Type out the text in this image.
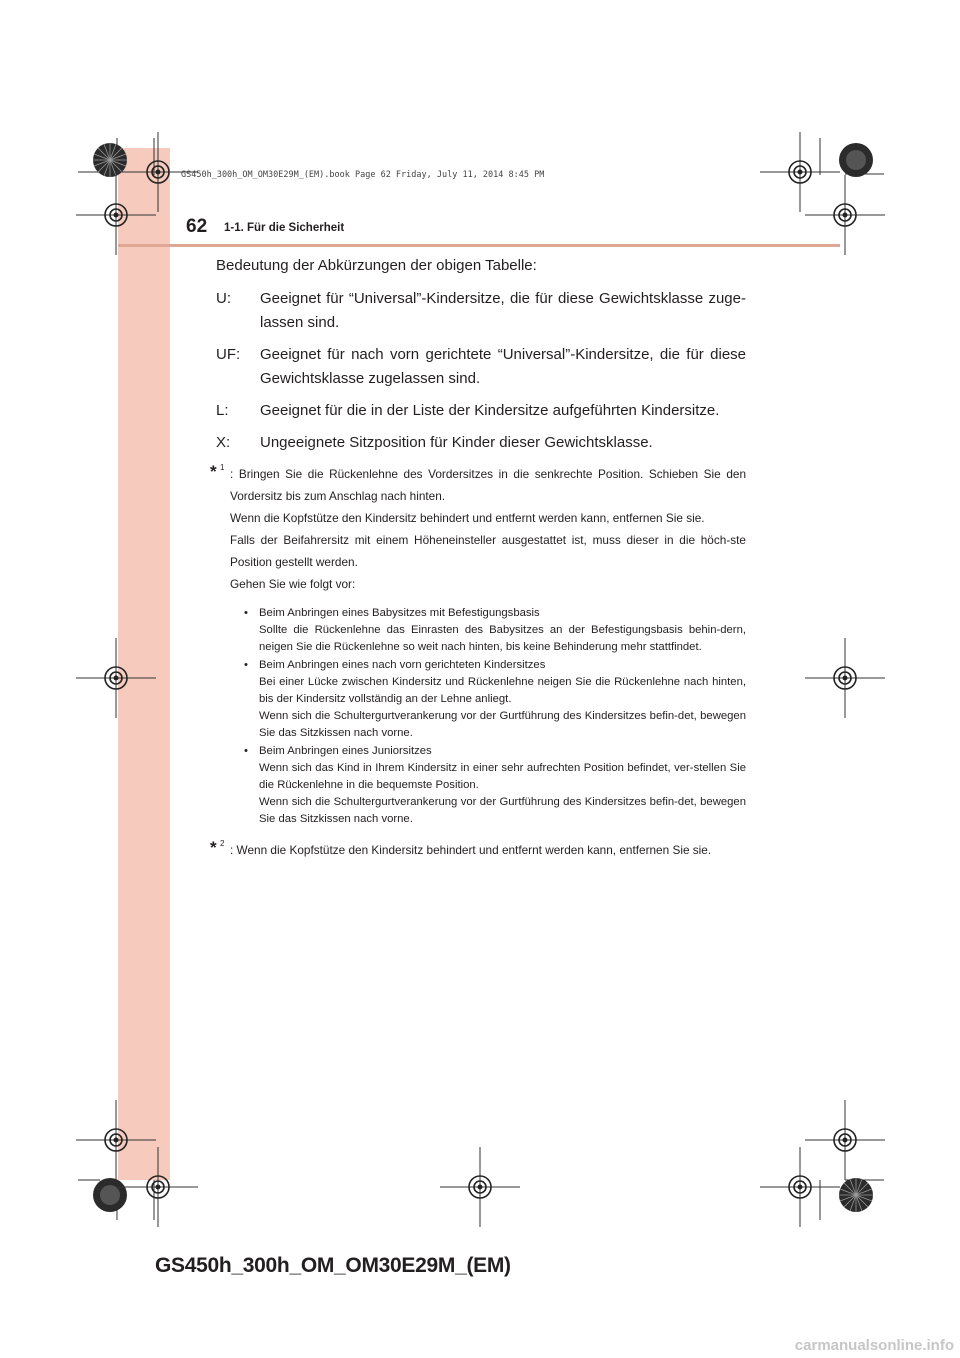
GS450h_300h_OM_OM30E29M_(EM).book Page 62 Friday, July 11, 2014 8:45 PM
62 1-1. Für die Sicherheit

Bedeutung der Abkürzungen der obigen Tabelle:

U:	Geeignet für “Universal”-Kindersitze, die für diese Gewichtsklasse zuge-lassen sind.
UF:	Geeignet für nach vorn gerichtete “Universal”-Kindersitze, die für diese Gewichtsklasse zugelassen sind.
L:	Geeignet für die in der Liste der Kindersitze aufgeführten Kindersitze.
X:	Ungeeignete Sitzposition für Kinder dieser Gewichtsklasse.
* 1 : Bringen Sie die Rückenlehne des Vordersitzes in die senkrechte Position. Schieben Sie den Vordersitz bis zum Anschlag nach hinten.

Wenn die Kopfstütze den Kindersitz behindert und entfernt werden kann, entfernen Sie sie.

Falls der Beifahrersitz mit einem Höheneinsteller ausgestattet ist, muss dieser in die höch-ste Position gestellt werden.

Gehen Sie wie folgt vor:

• Beim Anbringen eines Babysitzes mit Befestigungsbasis

Sollte die Rückenlehne das Einrasten des Babysitzes an der Befestigungsbasis behin-dern, neigen Sie die Rückenlehne so weit nach hinten, bis keine Behinderung mehr stattfindet.

• Beim Anbringen eines nach vorn gerichteten Kindersitzes

Bei einer Lücke zwischen Kindersitz und Rückenlehne neigen Sie die Rückenlehne nach hinten, bis der Kindersitz vollständig an der Lehne anliegt.

Wenn sich die Schultergurtverankerung vor der Gurtführung des Kindersitzes befin-det, bewegen Sie das Sitzkissen nach vorne.

• Beim Anbringen eines Juniorsitzes

Wenn sich das Kind in Ihrem Kindersitz in einer sehr aufrechten Position befindet, ver-stellen Sie die Rückenlehne in die bequemste Position.

Wenn sich die Schultergurtverankerung vor der Gurtführung des Kindersitzes befin-det, bewegen Sie das Sitzkissen nach vorne.

* 2 : Wenn die Kopfstütze den Kindersitz behindert und entfernt werden kann, entfernen Sie sie.

GS450h_300h_OM_OM30E29M_(EM)
carmanualsonline.info
